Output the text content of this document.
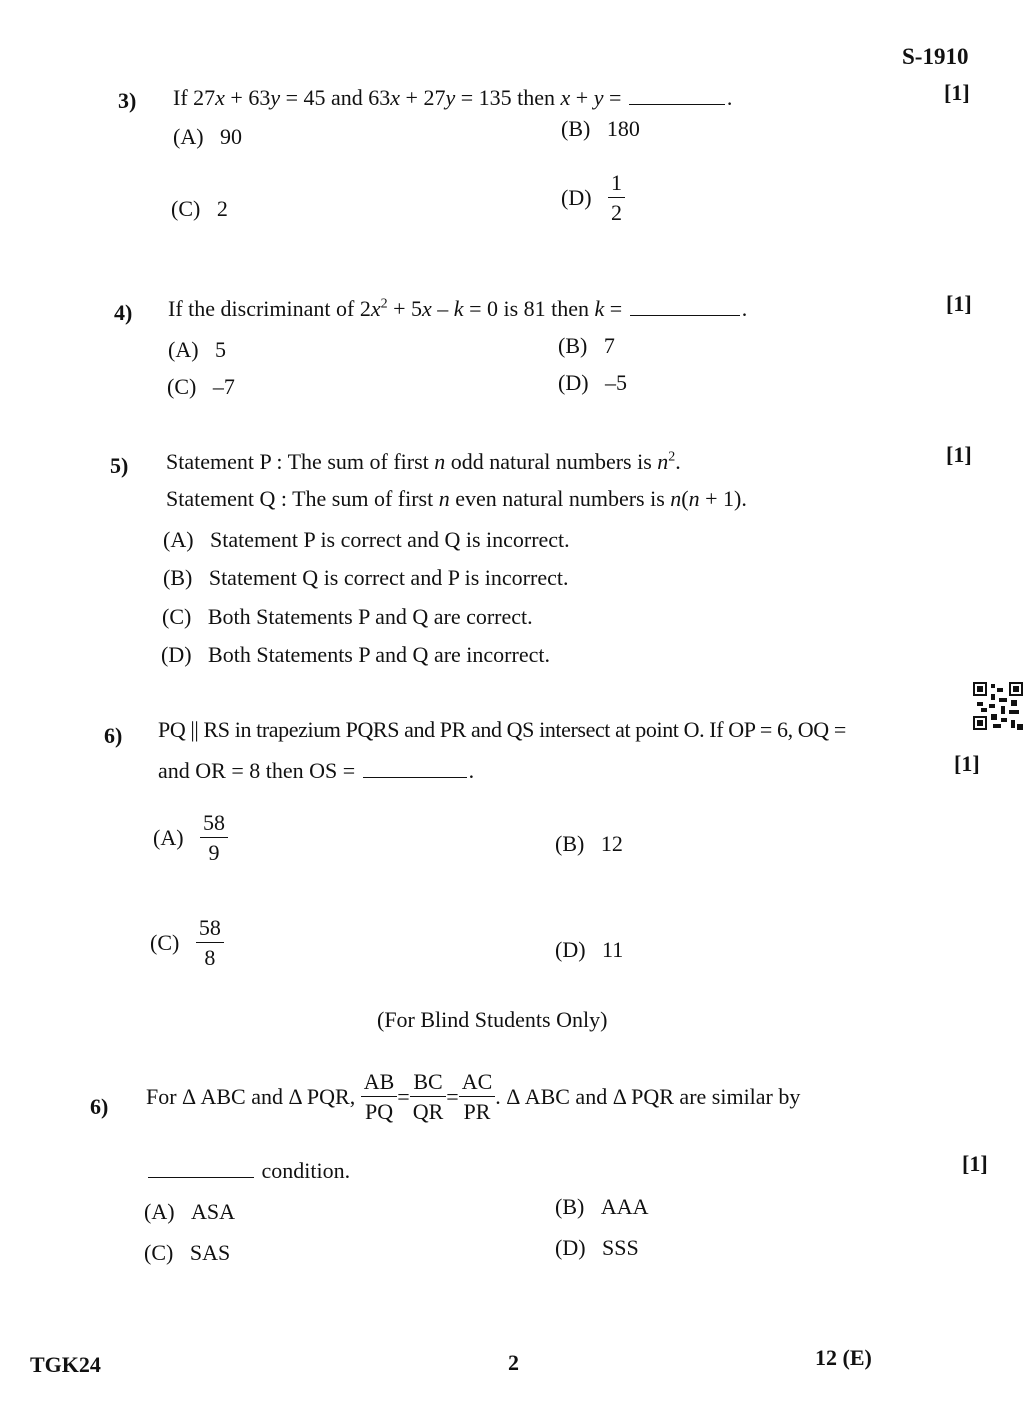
S-1910
3) If 27x + 63y = 45 and 63x + 27y = 135 then x + y =	.	[1]
(A) 90	(B) 180
(C) 2	$(D) \frac{1}{2}$
4) If the discriminant of $2x^2 + 5x - k = 0$ is 81 then k =	.	[1]
(A) 5	(B) 7
(C) –7	(D) –5
5) Statement P : The sum of first n odd natural numbers is $n^2$.
Statement Q : The sum of first n even natural numbers is n(n + 1).
[1]
(A) Statement P is correct and Q is incorrect.
(B) Statement Q is correct and P is incorrect.
(C) Both Statements P and Q are correct.
(D) Both Statements P and Q are incorrect.
6) PQ || RS in trapezium PQRS and PR and QS intersect at point O. If OP = 6, OQ =
and OR = 8 then OS =	.	[1]
$(A) \frac{58}{9}$	(B) 12
$(C) \frac{58}{8}$	(D) 11
(For Blind Students Only)
6) For Δ ABC and Δ PQR, $\frac{AB}{PQ} = \frac{BC}{QR} = \frac{AC}{PR}$ . Δ ABC and Δ PQR are similar by
condition.	[1]
(A) ASA	(B) AAA
(C) SAS	(D) SSS
TGK24	2	12 (E)
